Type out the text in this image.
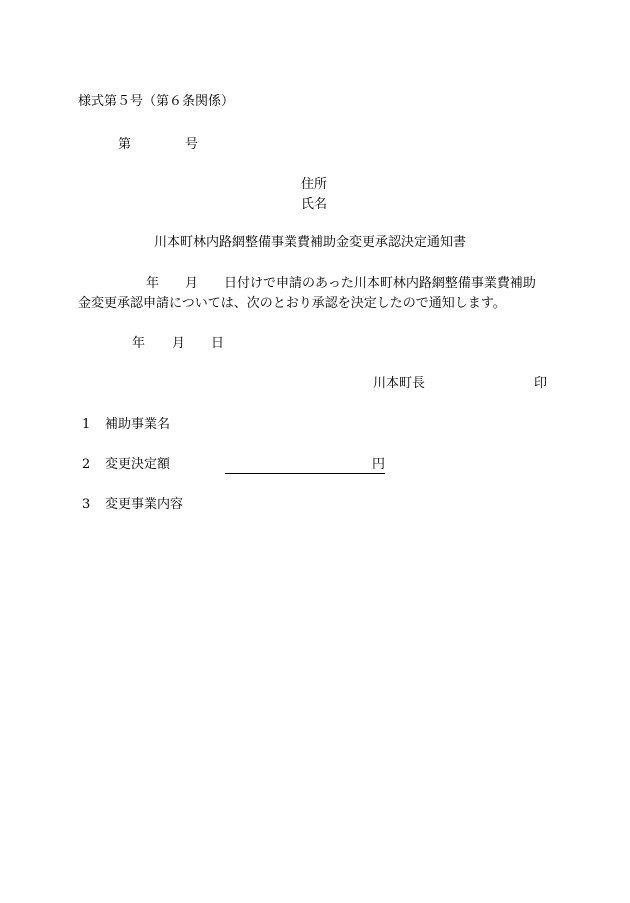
様式第５号（第６条関係）
第	号
住所
氏名
川本町林内路網整備事業費補助金変更承認決定通知書
年 月 日付けで申請のあった川本町林内路網整備事業費補助
金変更承認申請については、次のとおり承認を決定したので通知します。
年 月 日
川本町長	印
1 補助事業名
2 変更決定額	円
3 変更事業内容
